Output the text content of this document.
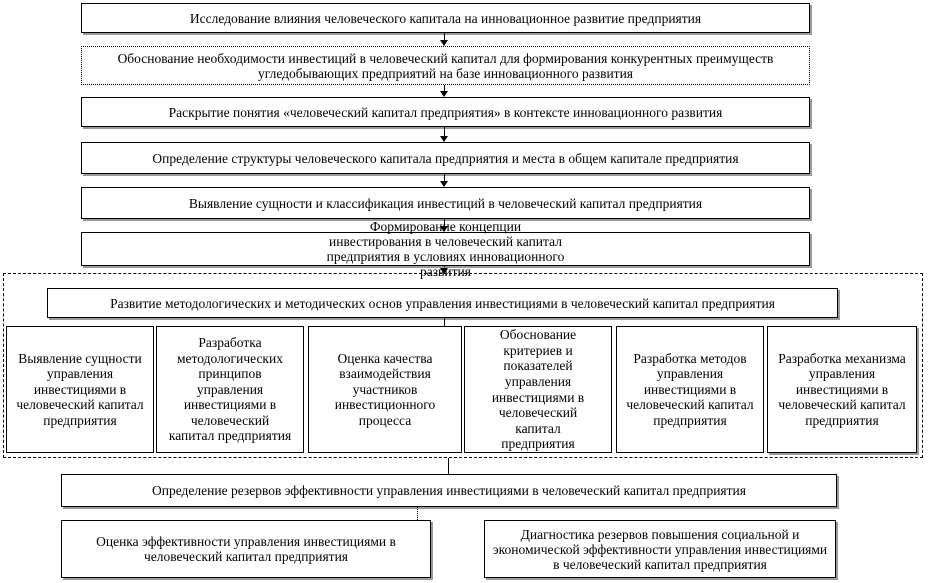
Исследование влияния человеческого капитала на инновационное развитие предприятия
Обоснование необходимости инвестиций в человеческий капитал для формирования конкурентных преимуществ угледобывающих предприятий на базе инновационного развития
Раскрытие понятия «человеческий капитал предприятия» в контексте инновационного развития
Определение структуры человеческого капитала предприятия и места в общем капитале предприятия
Выявление сущности и классификация инвестиций в человеческий капитал предприятия
Формирование концепции инвестирования в человеческий капитал предприятия в условиях инновационного развития
Развитие методологических и методических основ управления инвестициями в человеческий капитал предприятия
Выявление сущности управления инвестициями в человеческий капитал предприятия
Разработка методологических принципов управления инвестициями в человеческий капитал предприятия
Оценка качества взаимодействия участников инвестиционного процесса
Обоснование критериев и показателей управления инвестициями в человеческий капитал предприятия
Разработка методов управления инвестициями в человеческий капитал предприятия
Разработка механизма управления инвестициями в человеческий капитал предприятия
Определение резервов эффективности управления инвестициями в человеческий капитал предприятия
Оценка эффективности управления инвестициями в человеческий капитал предприятия
Диагностика резервов повышения социальной и экономической эффективности управления инвестициями в человеческий капитал предприятия
